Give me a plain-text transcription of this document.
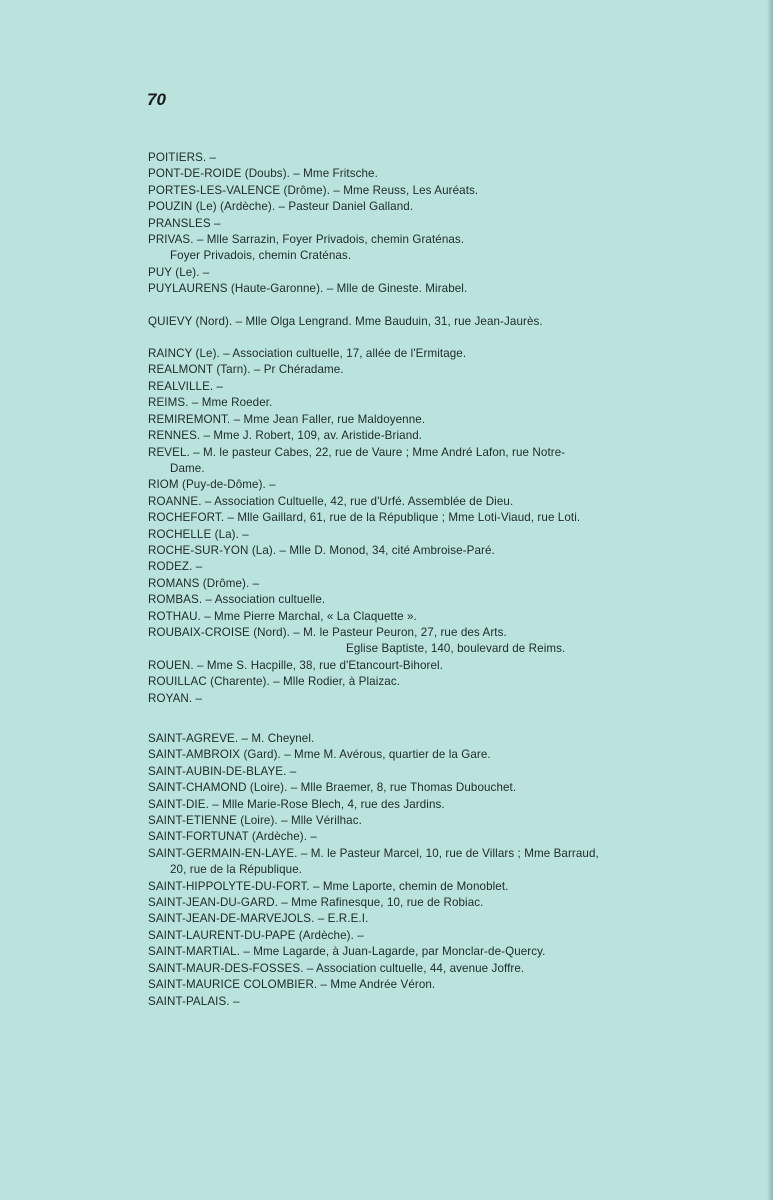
70
POITIERS. –
PONT-DE-ROIDE (Doubs). – Mme Fritsche.
PORTES-LES-VALENCE (Drôme). – Mme Reuss, Les Auréats.
POUZIN (Le) (Ardèche). – Pasteur Daniel Galland.
PRANSLES –
PRIVAS. – Mlle Sarrazin, Foyer Privadois, chemin Graténas.
Foyer Privadois, chemin Craténas.
PUY (Le). –
PUYLAURENS (Haute-Garonne). – Mlle de Gineste. Mirabel.
QUIEVY (Nord). – Mlle Olga Lengrand. Mme Bauduin, 31, rue Jean-Jaurès.
RAINCY (Le). – Association cultuelle, 17, allée de l'Ermitage.
REALMONT (Tarn). – Pr Chéradame.
REALVILLE. –
REIMS. – Mme Roeder.
REMIREMONT. – Mme Jean Faller, rue Maldoyenne.
RENNES. – Mme J. Robert, 109, av. Aristide-Briand.
REVEL. – M. le pasteur Cabes, 22, rue de Vaure ; Mme André Lafon, rue Notre-
Dame.
RIOM (Puy-de-Dôme). –
ROANNE. – Association Cultuelle, 42, rue d'Urfé. Assemblée de Dieu.
ROCHEFORT. – Mlle Gaillard, 61, rue de la République ; Mme Loti-Viaud, rue Loti.
ROCHELLE (La). –
ROCHE-SUR-YON (La). – Mlle D. Monod, 34, cité Ambroise-Paré.
RODEZ. –
ROMANS (Drôme). –
ROMBAS. – Association cultuelle.
ROTHAU. – Mme Pierre Marchal, « La Claquette ».
ROUBAIX-CROISE (Nord). – M. le Pasteur Peuron, 27, rue des Arts.
Eglise Baptiste, 140, boulevard de Reims.
ROUEN. – Mme S. Hacpille, 38, rue d'Etancourt-Bihorel.
ROUILLAC (Charente). – Mlle Rodier, à Plaizac.
ROYAN. –
SAINT-AGREVE. – M. Cheynel.
SAINT-AMBROIX (Gard). – Mme M. Avérous, quartier de la Gare.
SAINT-AUBIN-DE-BLAYE. –
SAINT-CHAMOND (Loire). – Mlle Braemer, 8, rue Thomas Dubouchet.
SAINT-DIE. – Mlle Marie-Rose Blech, 4, rue des Jardins.
SAINT-ETIENNE (Loire). – Mlle Vérilhac.
SAINT-FORTUNAT (Ardèche). –
SAINT-GERMAIN-EN-LAYE. – M. le Pasteur Marcel, 10, rue de Villars ; Mme Barraud,
20, rue de la République.
SAINT-HIPPOLYTE-DU-FORT. – Mme Laporte, chemin de Monoblet.
SAINT-JEAN-DU-GARD. – Mme Rafinesque, 10, rue de Robiac.
SAINT-JEAN-DE-MARVEJOLS. – E.R.E.I.
SAINT-LAURENT-DU-PAPE (Ardèche). –
SAINT-MARTIAL. – Mme Lagarde, à Juan-Lagarde, par Monclar-de-Quercy.
SAINT-MAUR-DES-FOSSES. – Association cultuelle, 44, avenue Joffre.
SAINT-MAURICE COLOMBIER. – Mme Andrée Véron.
SAINT-PALAIS. –
